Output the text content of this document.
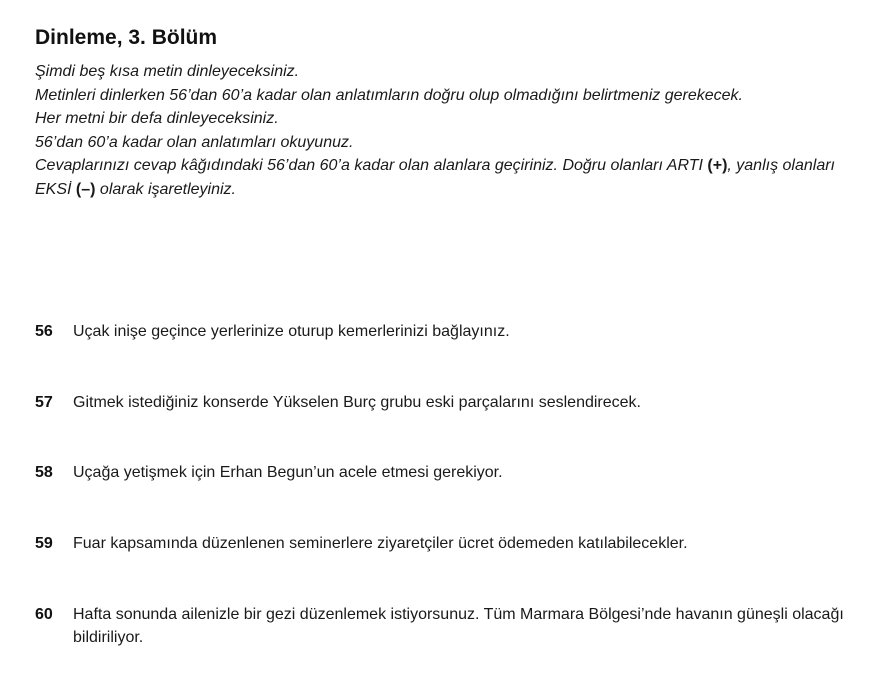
Dinleme, 3. Bölüm
Şimdi beş kısa metin dinleyeceksiniz.
Metinleri dinlerken 56’dan 60’a kadar olan anlatımların doğru olup olmadığını belirtmeniz gerekecek.
Her metni bir defa dinleyeceksiniz.
56’dan 60’a kadar olan anlatımları okuyunuz.
Cevaplarınızı cevap kâğıdındaki 56’dan 60’a kadar olan alanlara geçiriniz. Doğru olanları ARTI (+), yanlış olanları EKSİ (–) olarak işaretleyiniz.
56 Uçak inişe geçince yerlerinize oturup kemerlerinizi bağlayınız.
57 Gitmek istediğiniz konserde Yükselen Burç grubu eski parçalarını seslendirecek.
58 Uçağa yetişmek için Erhan Begun’un acele etmesi gerekiyor.
59 Fuar kapsamında düzenlenen seminerlere ziyaretçiler ücret ödemeden katılabilecekler.
60 Hafta sonunda ailenizle bir gezi düzenlemek istiyorsunuz. Tüm Marmara Bölgesi’nde havanın güneşli olacağı bildiriliyor.
